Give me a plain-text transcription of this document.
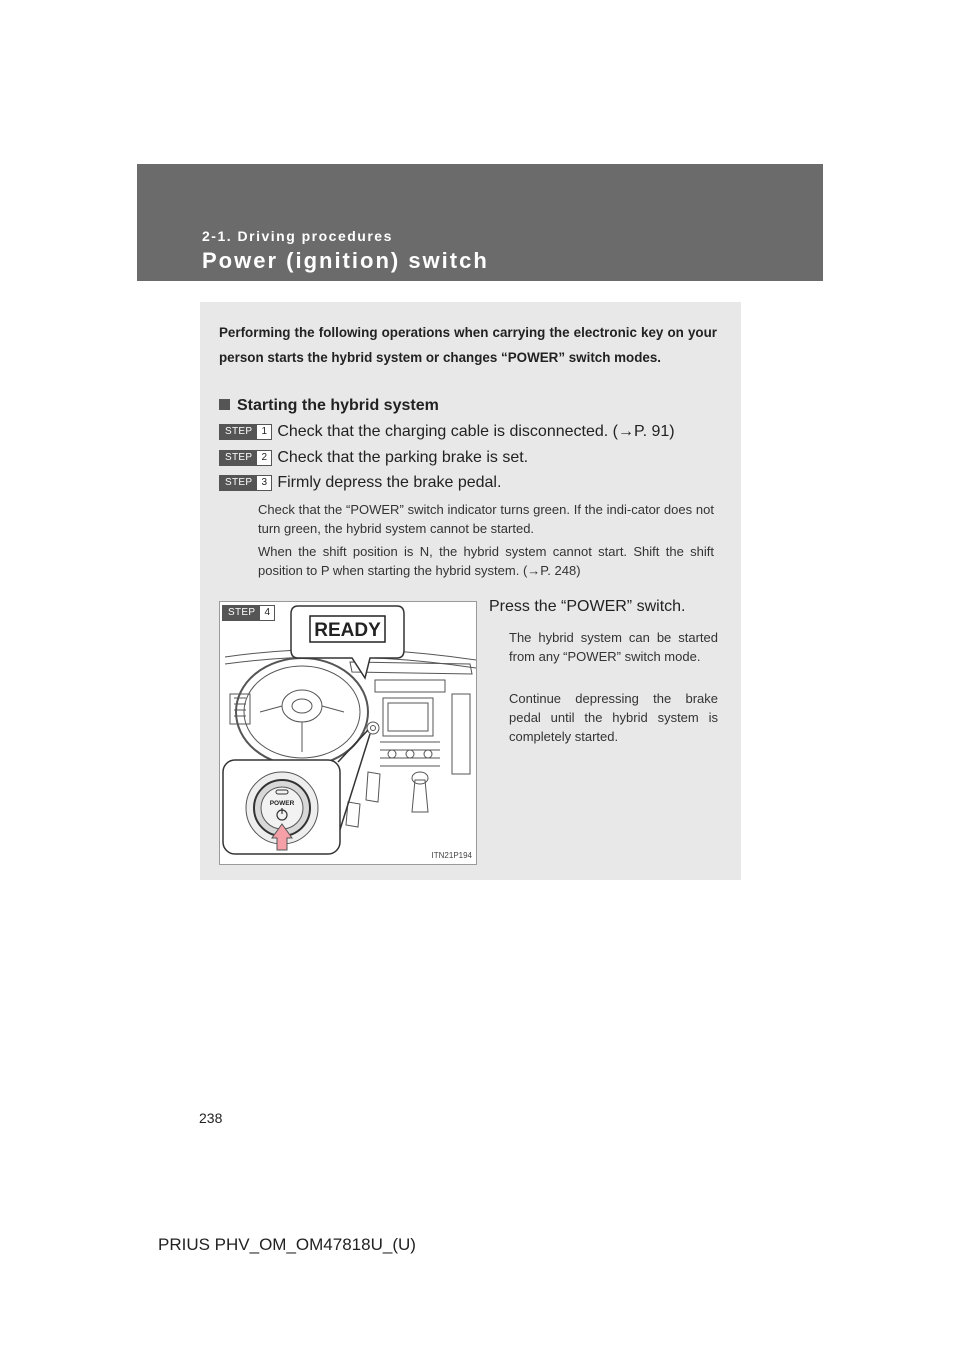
2-1. Driving procedures
Power (ignition) switch
Performing the following operations when carrying the electronic key on your person starts the hybrid system or changes “POWER” switch modes.
Starting the hybrid system
STEP 1 Check that the charging cable is disconnected. (→P. 91)
STEP 2 Check that the parking brake is set.
STEP 3 Firmly depress the brake pedal.
Check that the “POWER” switch indicator turns green. If the indi-cator does not turn green, the hybrid system cannot be started.
When the shift position is N, the hybrid system cannot start. Shift the shift position to P when starting the hybrid system. (→P. 248)
STEP 4
READY
POWER
ITN21P194
Press the “POWER” switch.
The hybrid system can be started from any “POWER” switch mode.
Continue depressing the brake pedal until the hybrid system is completely started.
238
PRIUS PHV_OM_OM47818U_(U)
